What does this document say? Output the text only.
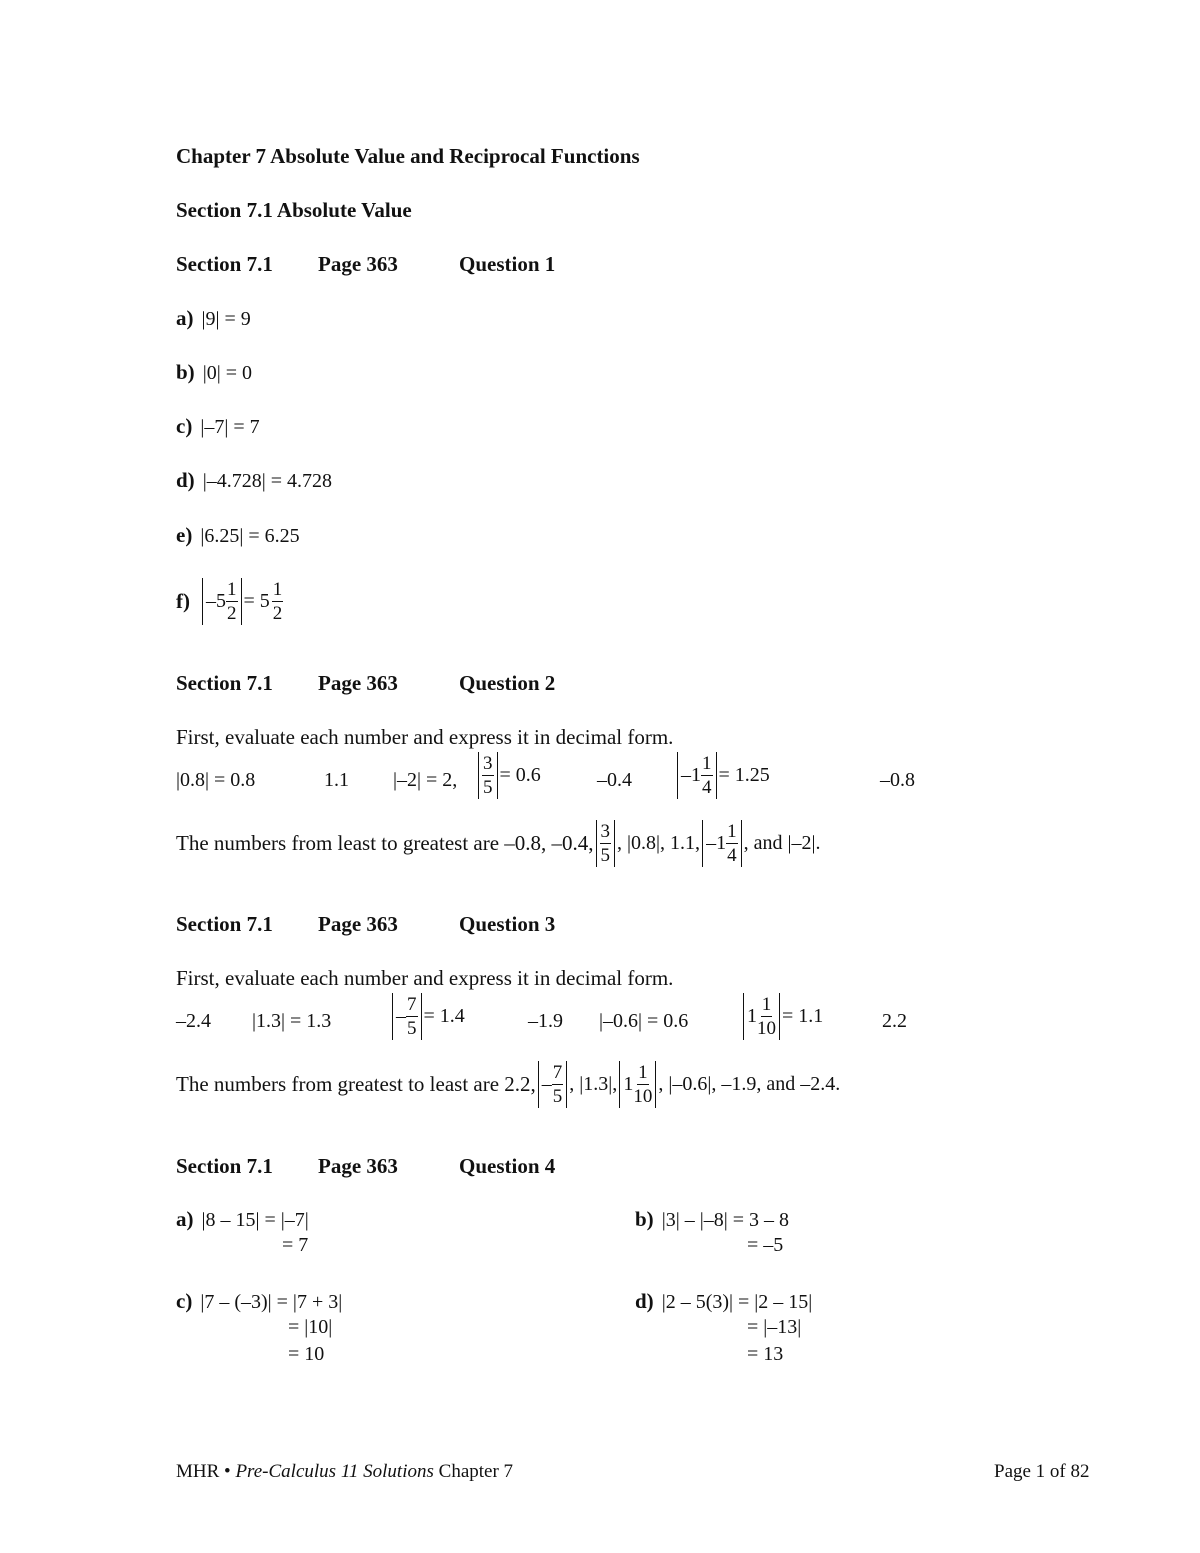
Chapter 7 Absolute Value and Reciprocal Functions
Section 7.1 Absolute Value
Section 7.1 Page 363	Question 1
a) |9| = 9
b) |0| = 0
c) |–7| = 7
d) |–4.728| = 4.728
e) |6.25| = 6.25
f)
$-5 \frac{1}{2} = 5 \frac{1}{2}$
Section 7.1 Page 363	Question 2
First, evaluate each number and express it in decimal form.
|0.8| = 0.8	1.1 |–2| = 2, $\frac{3}{5} = 0.6$	–0.4 $-1 \frac{1}{4} = 1.25$	–0.8
The numbers from least to greatest are –0.8, –0.4, $\frac{3}{5}$ , |0.8|, 1.1, $-1 \frac{1}{4}$ , and |–2|.
Section 7.1 Page 363	Question 3
First, evaluate each number and express it in decimal form.
–2.4 |1.3| = 1.3	– $\frac{7}{5} = 1.4$	–1.9 |–0.6| = 0.6	$1 \frac{1}{10} = 1.1$	2.2
The numbers from greatest to least are 2.2, – $\frac{7}{5}$ , |1.3|, $1 \frac{1}{10}$ , |–0.6|, –1.9, and –2.4.
Section 7.1 Page 363	Question 4
a) |8 – 15| = |–7|
= 7
b) |3| – |–8| = 3 – 8
= –5
c) |7 – (–3)| = |7 + 3|
= |10|
= 10
d) |2 – 5(3)| = |2 – 15|
= |–13|
= 13
MHR • Pre-Calculus 11 Solutions Chapter 7	Page 1 of 82
